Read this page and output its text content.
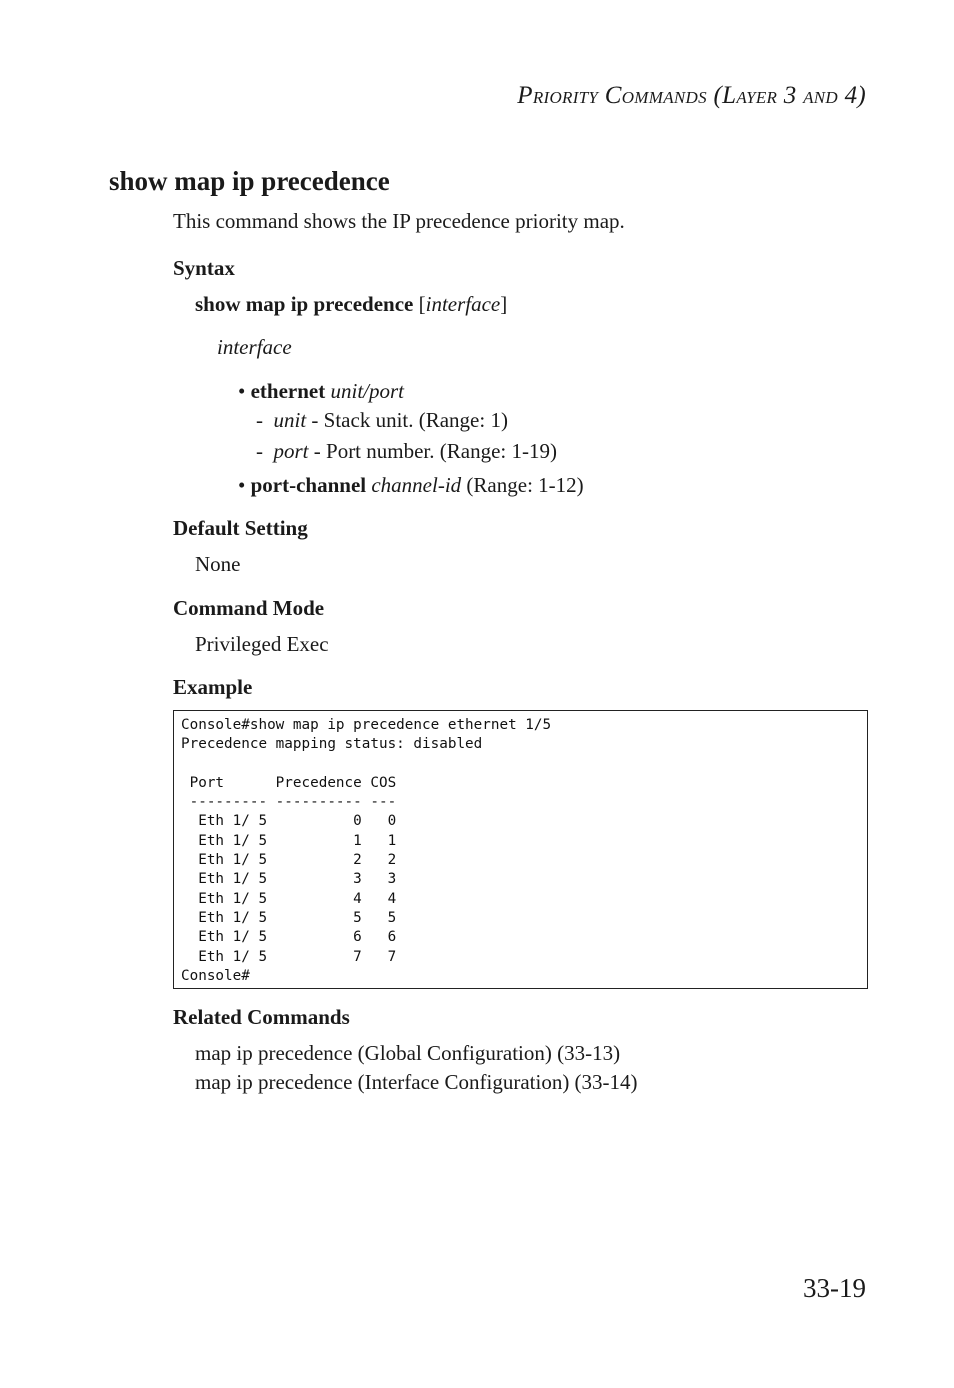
PRIORITY COMMANDS (LAYER 3 AND 4)
show map ip precedence
This command shows the IP precedence priority map.
Syntax
show map ip precedence [interface]
interface
• ethernet unit/port
- unit - Stack unit. (Range: 1)
- port - Port number. (Range: 1-19)
• port-channel channel-id (Range: 1-12)
Default Setting
None
Command Mode
Privileged Exec
Example
Console#show map ip precedence ethernet 1/5
Precedence mapping status: disabled

Port      Precedence COS
--------- ---------- ---
Eth 1/ 5          0   0
Eth 1/ 5          1   1
Eth 1/ 5          2   2
Eth 1/ 5          3   3
Eth 1/ 5          4   4
Eth 1/ 5          5   5
Eth 1/ 5          6   6
Eth 1/ 5          7   7
Console#
Related Commands
map ip precedence (Global Configuration) (33-13)
map ip precedence (Interface Configuration) (33-14)
33-19
